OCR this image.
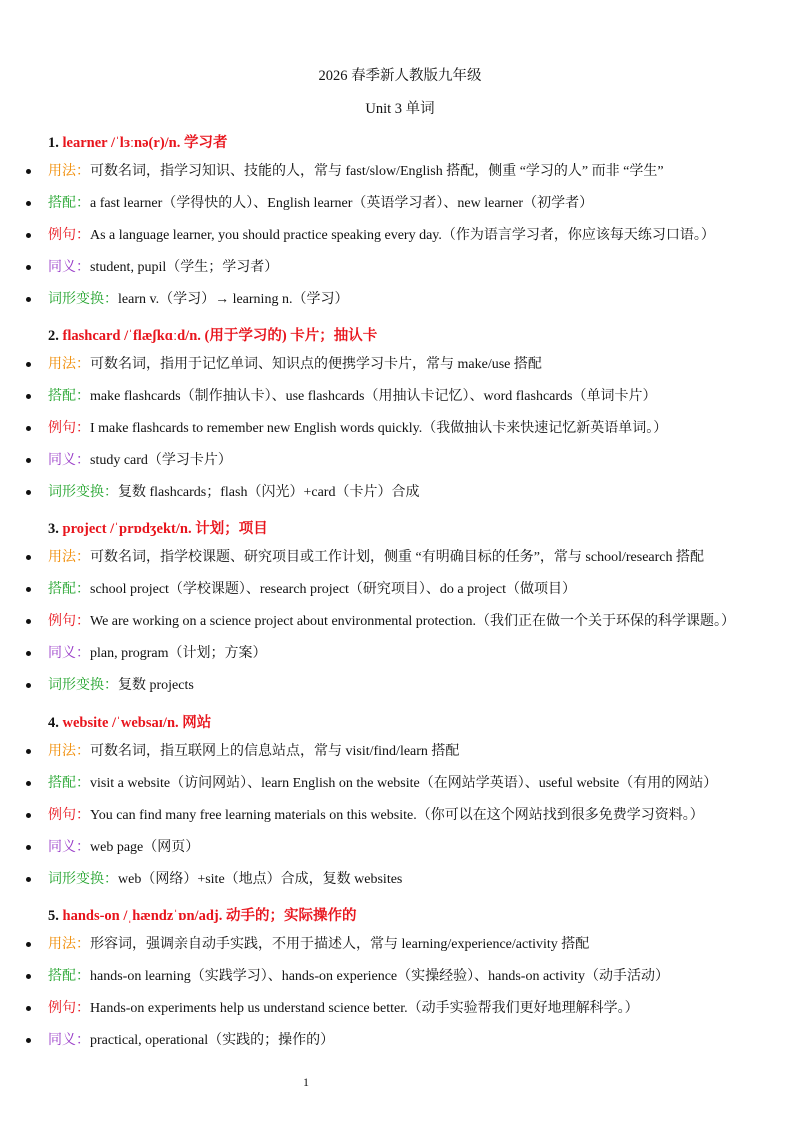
2026 春季新人教版九年级
Unit 3 单词
1. learner /ˈlɜːnə(r)/n. 学习者
用法：可数名词，指学习知识、技能的人，常与 fast/slow/English 搭配，侧重 “学习的人” 而非 “学生”
搭配：a fast learner（学得快的人）、English learner（英语学习者）、new learner（初学者）
例句：As a language learner, you should practice speaking every day.（作为语言学习者，你应该每天练习口语。）
同义：student, pupil（学生；学习者）
词形变换：learn v.（学习）→ learning n.（学习）
2. flashcard /ˈflæʃkɑːd/n. (用于学习的) 卡片；抽认卡
用法：可数名词，指用于记忆单词、知识点的便携学习卡片，常与 make/use 搭配
搭配：make flashcards（制作抽认卡）、use flashcards（用抽认卡记忆）、word flashcards（单词卡片）
例句：I make flashcards to remember new English words quickly.（我做抽认卡来快速记忆新英语单词。）
同义：study card（学习卡片）
词形变换：复数 flashcards；flash（闪光）+card（卡片）合成
3. project /ˈprɒdʒekt/n. 计划；项目
用法：可数名词，指学校课题、研究项目或工作计划，侧重 “有明确目标的任务”，常与 school/research 搭配
搭配：school project（学校课题）、research project（研究项目）、do a project（做项目）
例句：We are working on a science project about environmental protection.（我们正在做一个关于环保的科学课题。）
同义：plan, program（计划；方案）
词形变换：复数 projects
4. website /ˈwebsaɪ/n. 网站
用法：可数名词，指互联网上的信息站点，常与 visit/find/learn 搭配
搭配：visit a website（访问网站）、learn English on the website（在网站学英语）、useful website（有用的网站）
例句：You can find many free learning materials on this website.（你可以在这个网站找到很多免费学习资料。）
同义：web page（网页）
词形变换：web（网络）+site（地点）合成，复数 websites
5. hands-on /ˌhændzˈɒn/adj. 动手的；实际操作的
用法：形容词，强调亲自动手实践，不用于描述人，常与 learning/experience/activity 搭配
搭配：hands-on learning（实践学习）、hands-on experience（实操经验）、hands-on activity（动手活动）
例句：Hands-on experiments help us understand science better.（动手实验帮我们更好地理解科学。）
同义：practical, operational（实践的；操作的）
1
